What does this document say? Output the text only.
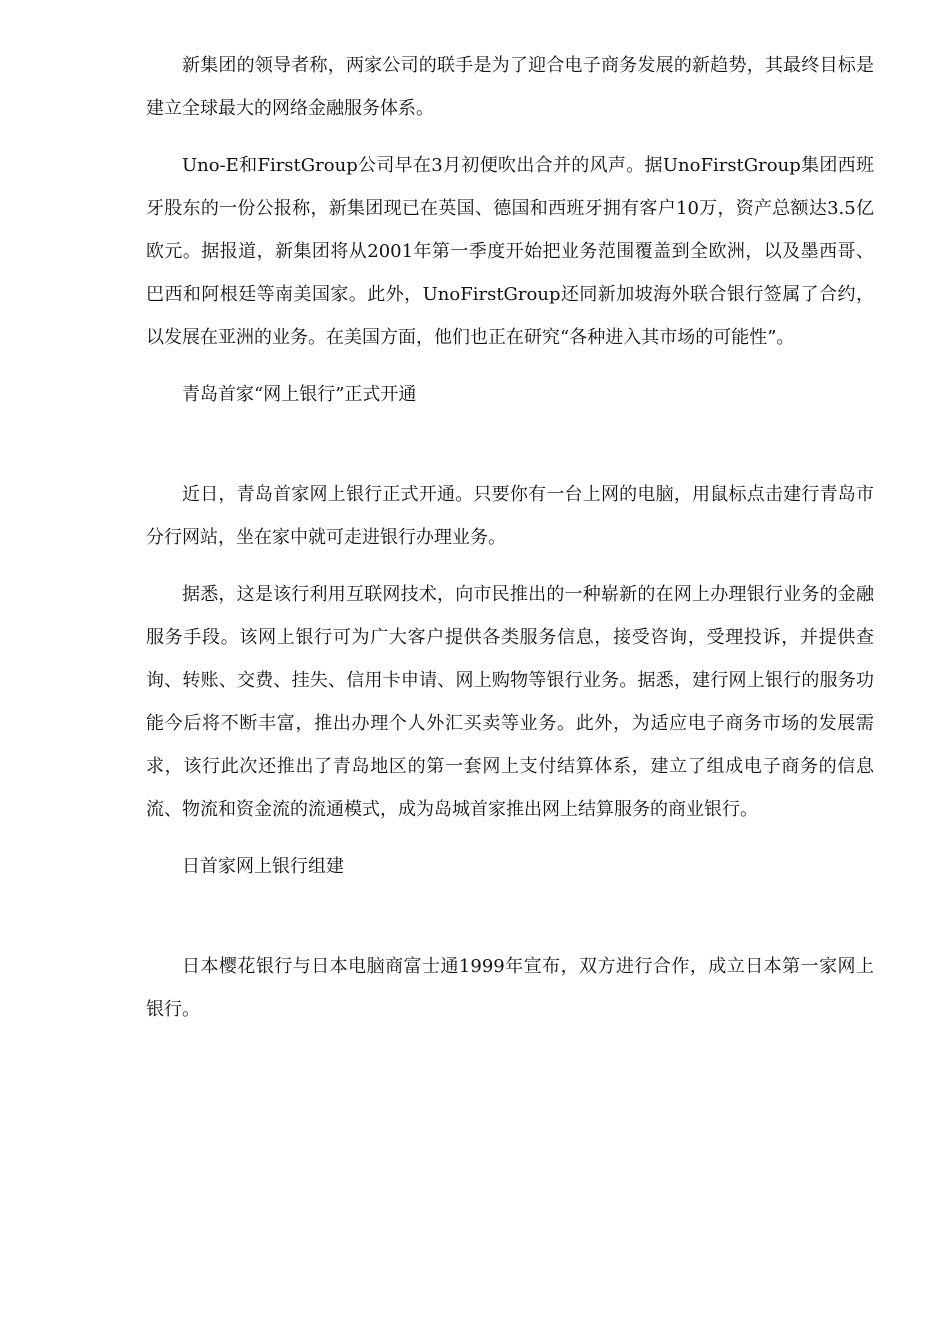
新集团的领导者称，两家公司的联手是为了迎合电子商务发展的新趋势，其最终目标是建立全球最大的网络金融服务体系。

Uno-E和FirstGroup公司早在3月初便吹出合并的风声。据UnoFirstGroup集团西班牙股东的一份公报称，新集团现已在英国、德国和西班牙拥有客户10万，资产总额达3.5亿欧元。据报道，新集团将从2001年第一季度开始把业务范围覆盖到全欧洲，以及墨西哥、巴西和阿根廷等南美国家。此外，UnoFirstGroup还同新加坡海外联合银行签属了合约，以发展在亚洲的业务。在美国方面，他们也正在研究“各种进入其市场的可能性”。

青岛首家“网上银行”正式开通

近日，青岛首家网上银行正式开通。只要你有一台上网的电脑，用鼠标点击建行青岛市分行网站，坐在家中就可走进银行办理业务。

据悉，这是该行利用互联网技术，向市民推出的一种崭新的在网上办理银行业务的金融服务手段。该网上银行可为广大客户提供各类服务信息，接受咨询，受理投诉，并提供查询、转账、交费、挂失、信用卡申请、网上购物等银行业务。据悉，建行网上银行的服务功能今后将不断丰富，推出办理个人外汇买卖等业务。此外，为适应电子商务市场的发展需求，该行此次还推出了青岛地区的第一套网上支付结算体系，建立了组成电子商务的信息流、物流和资金流的流通模式，成为岛城首家推出网上结算服务的商业银行。

日首家网上银行组建

日本樱花银行与日本电脑商富士通1999年宣布，双方进行合作，成立日本第一家网上银行。
